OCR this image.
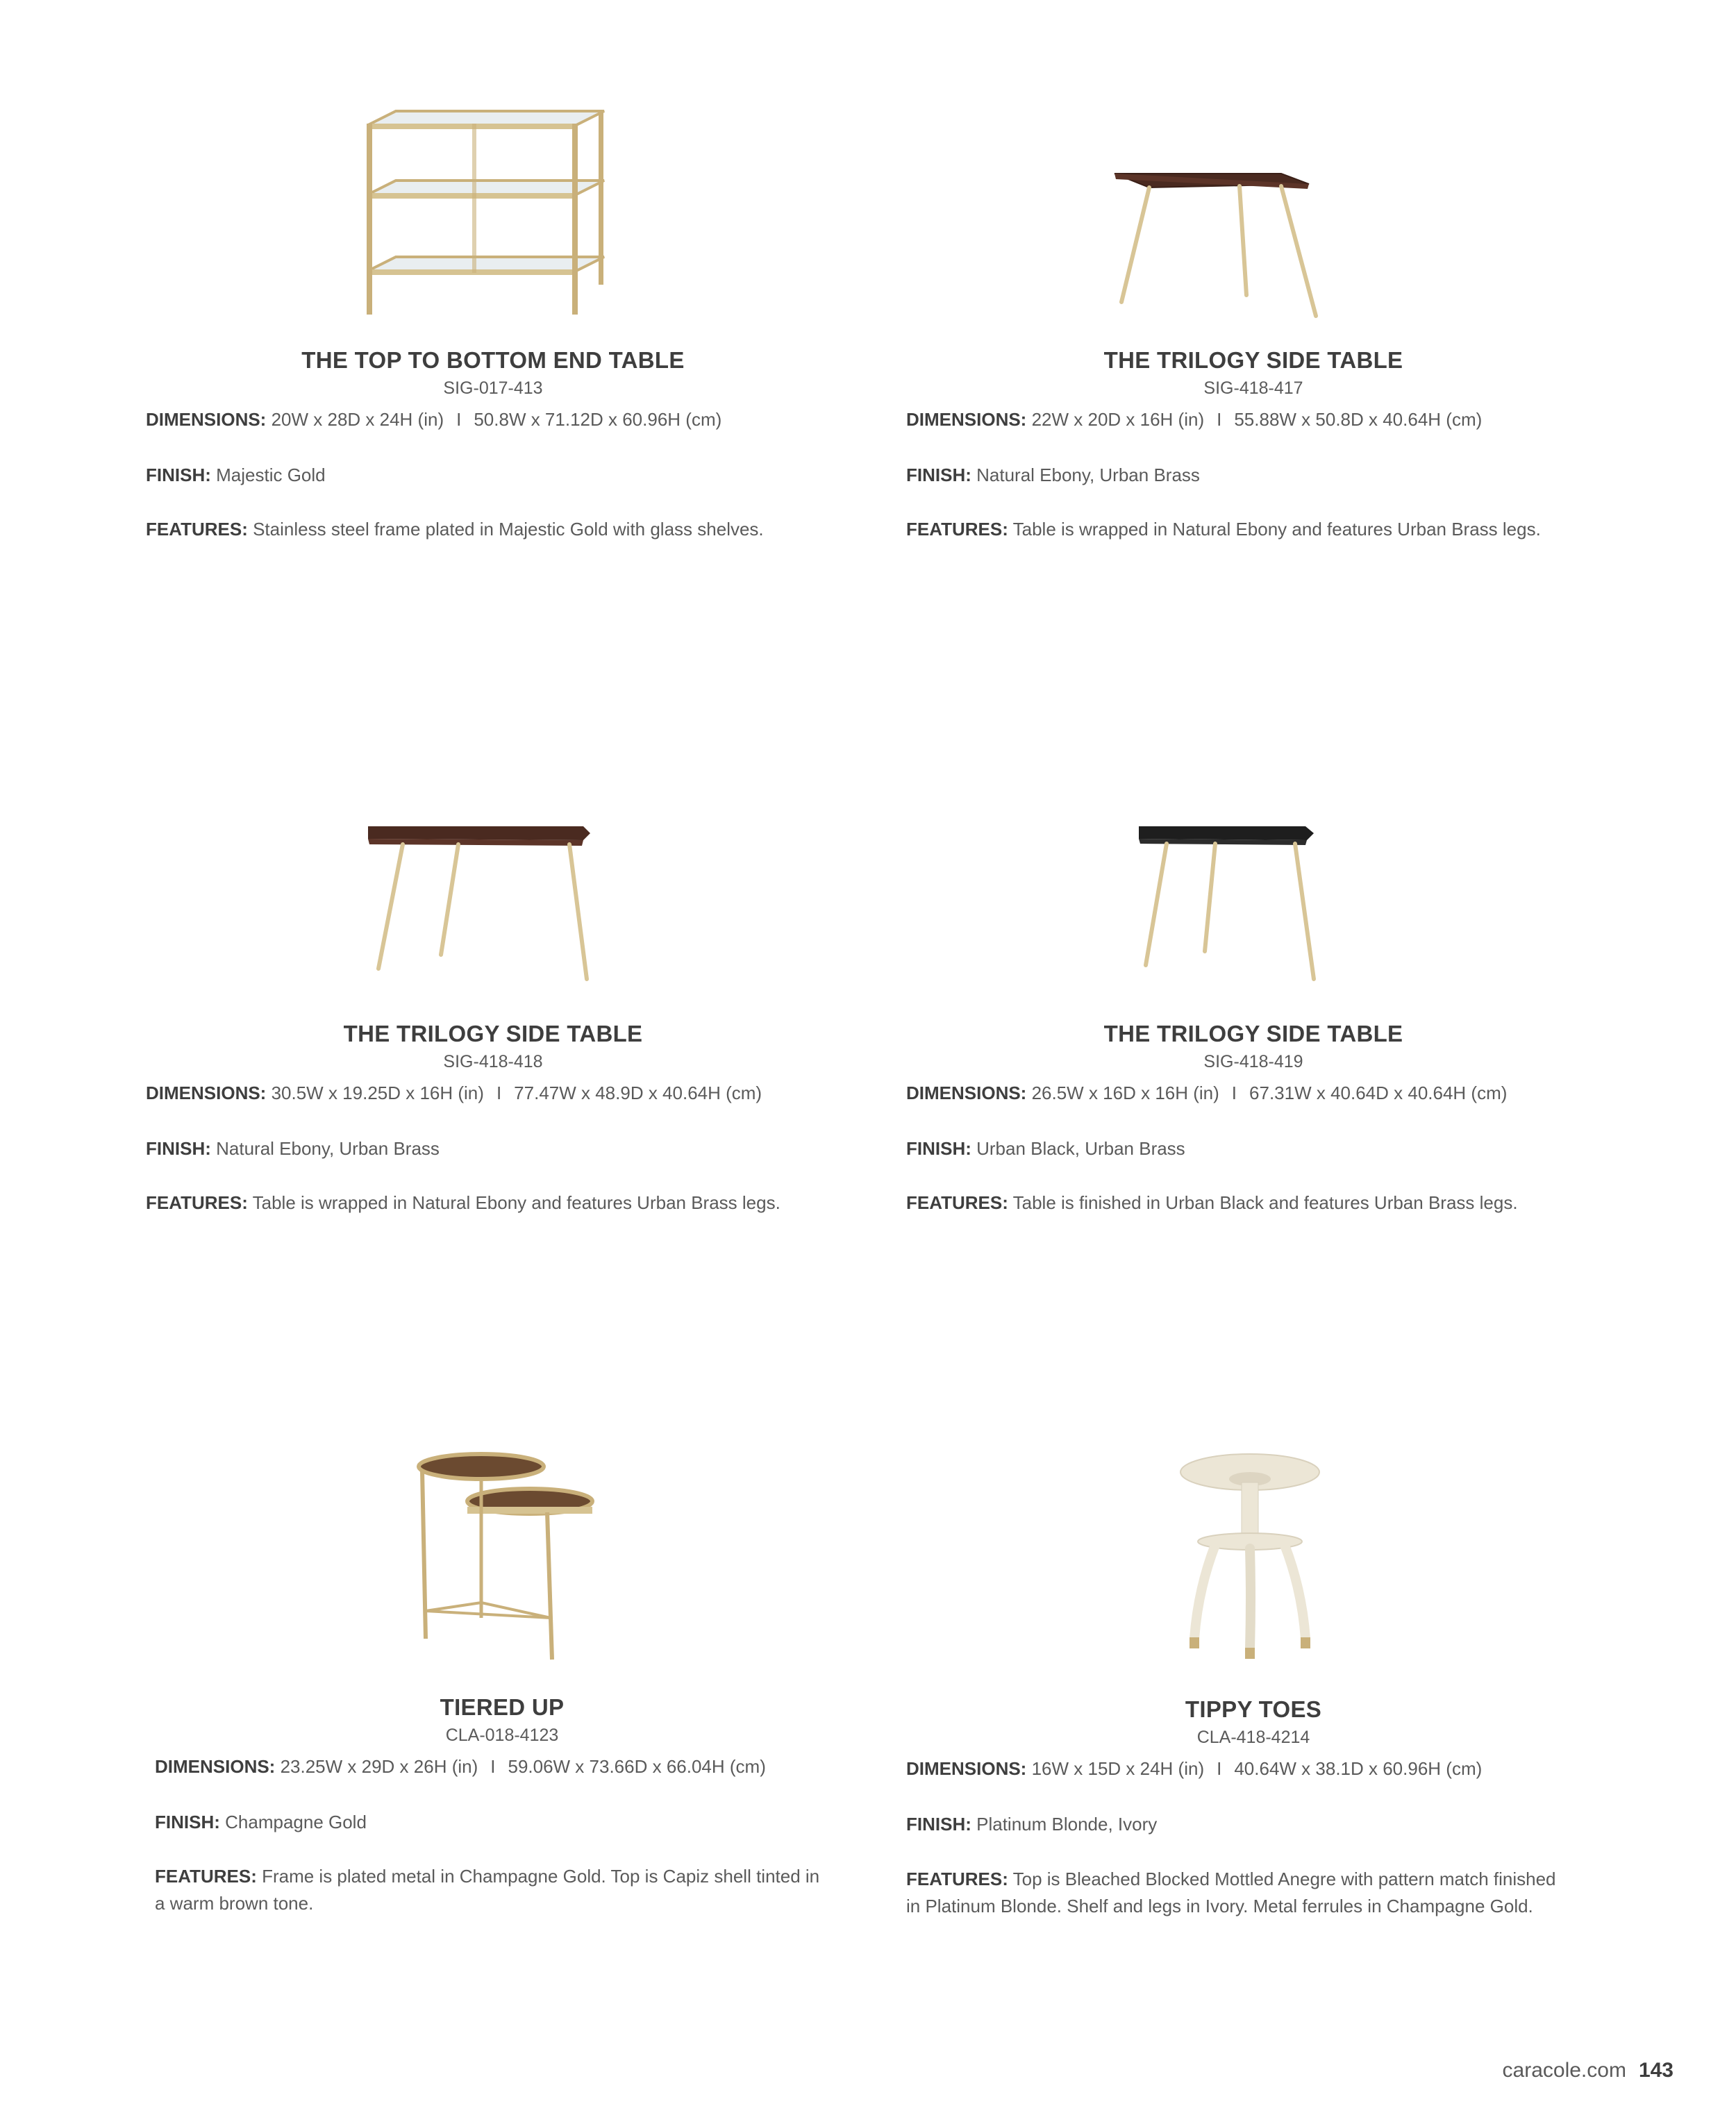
THE TOP TO BOTTOM END TABLE
SIG-017-413
DIMENSIONS: 20W x 28D x 24H (in) I 50.8W x 71.12D x 60.96H (cm)
FINISH: Majestic Gold
FEATURES: Stainless steel frame plated in Majestic Gold with glass shelves.
THE TRILOGY SIDE TABLE
SIG-418-417
DIMENSIONS: 22W x 20D x 16H (in) I 55.88W x 50.8D x 40.64H (cm)
FINISH: Natural Ebony, Urban Brass
FEATURES: Table is wrapped in Natural Ebony and features Urban Brass legs.
THE TRILOGY SIDE TABLE
SIG-418-418
DIMENSIONS: 30.5W x 19.25D x 16H (in) I 77.47W x 48.9D x 40.64H (cm)
FINISH: Natural Ebony, Urban Brass
FEATURES: Table is wrapped in Natural Ebony and features Urban Brass legs.
THE TRILOGY SIDE TABLE
SIG-418-419
DIMENSIONS: 26.5W x 16D x 16H (in) I 67.31W x 40.64D x 40.64H (cm)
FINISH: Urban Black, Urban Brass
FEATURES: Table is finished in Urban Black and features Urban Brass legs.
TIERED UP
CLA-018-4123
DIMENSIONS: 23.25W x 29D x 26H (in) I 59.06W x 73.66D x 66.04H (cm)
FINISH: Champagne Gold
FEATURES: Frame is plated metal in Champagne Gold. Top is Capiz shell tinted in a warm brown tone.
TIPPY TOES
CLA-418-4214
DIMENSIONS: 16W x 15D x 24H (in) I 40.64W x 38.1D x 60.96H (cm)
FINISH: Platinum Blonde, Ivory
FEATURES: Top is Bleached Blocked Mottled Anegre with pattern match finished in Platinum Blonde. Shelf and legs in Ivory. Metal ferrules in Champagne Gold.
caracole.com 143
